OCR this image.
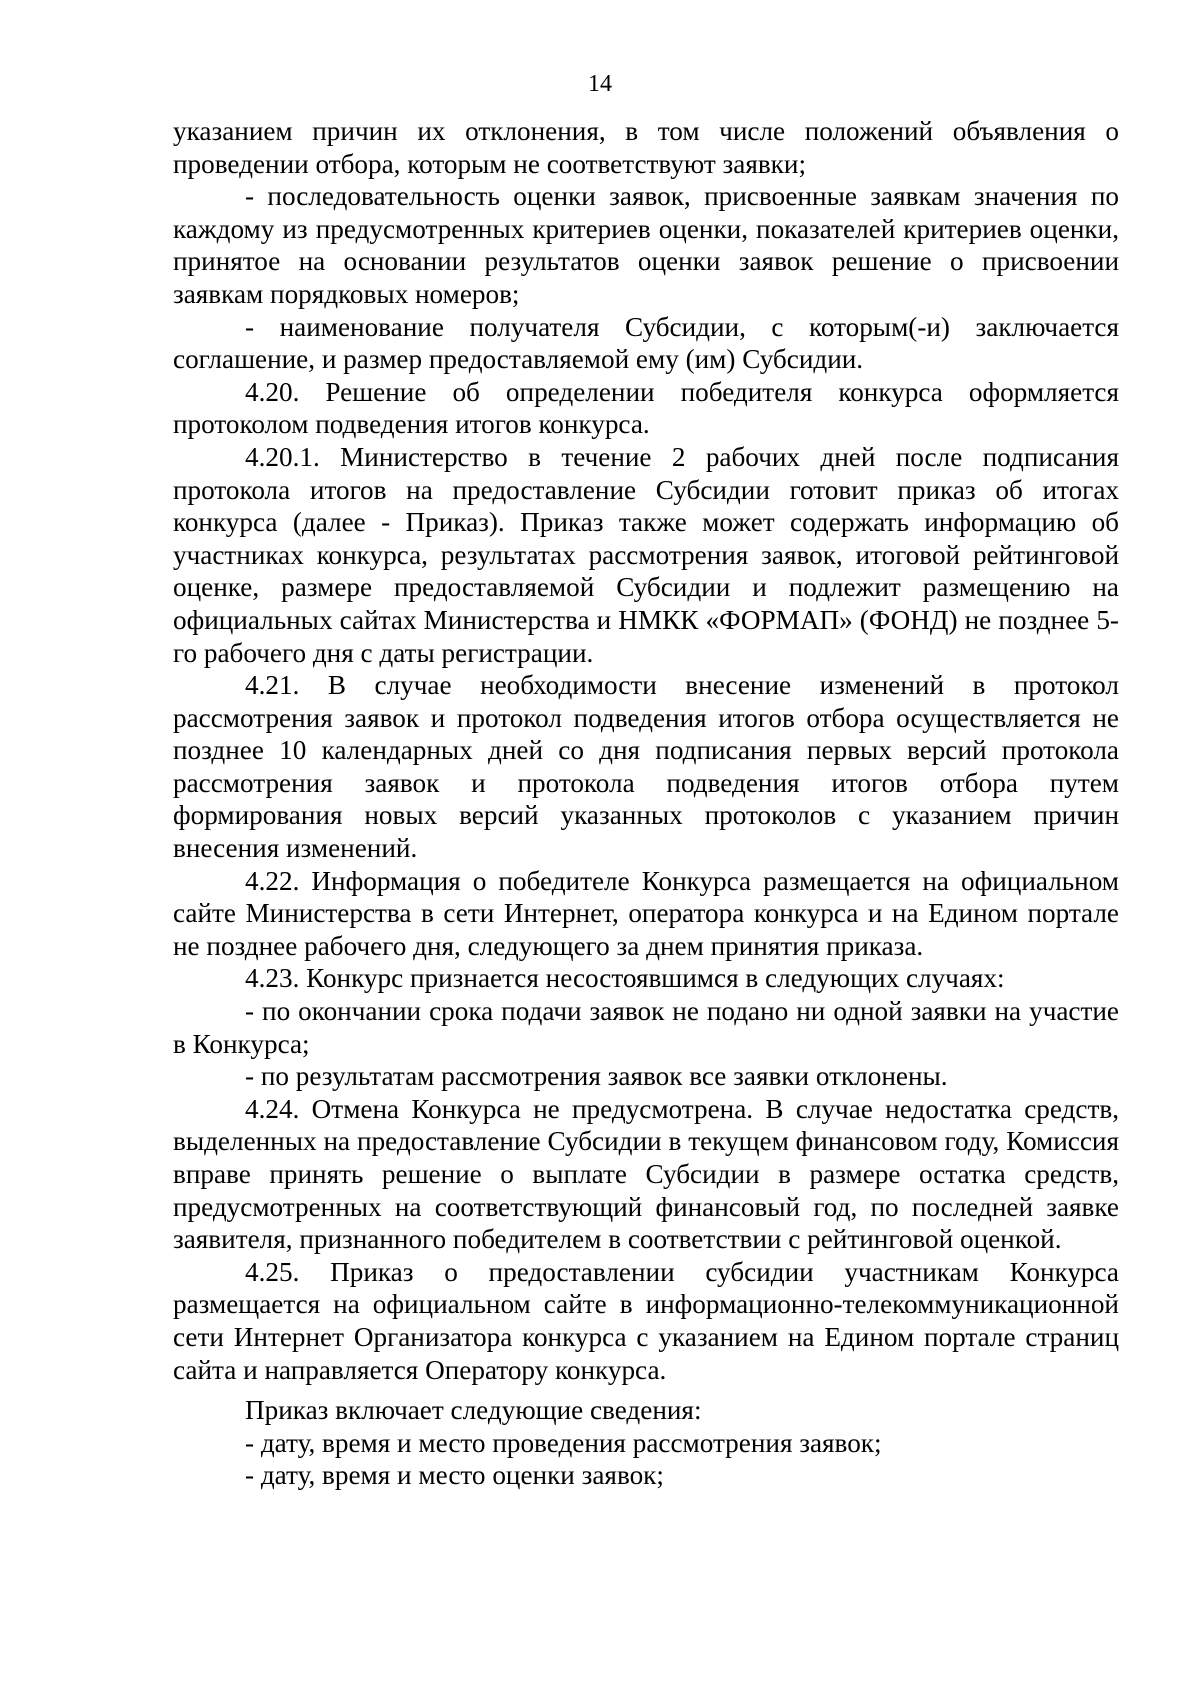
14

указанием причин их отклонения, в том числе положений объявления о проведении отбора, которым не соответствуют заявки;

- последовательность оценки заявок, присвоенные заявкам значения по каждому из предусмотренных критериев оценки, показателей критериев оценки, принятое на основании результатов оценки заявок решение о присвоении заявкам порядковых номеров;

- наименование получателя Субсидии, с которым(-и) заключается соглашение, и размер предоставляемой ему (им) Субсидии.

4.20. Решение об определении победителя конкурса оформляется протоколом подведения итогов конкурса.

4.20.1. Министерство в течение 2 рабочих дней после подписания протокола итогов на предоставление Субсидии готовит приказ об итогах конкурса (далее - Приказ). Приказ также может содержать информацию об участниках конкурса, результатах рассмотрения заявок, итоговой рейтинговой оценке, размере предоставляемой Субсидии и подлежит размещению на официальных сайтах Министерства и НМКК «ФОРМАП» (ФОНД) не позднее 5-го рабочего дня с даты регистрации.

4.21. В случае необходимости внесение изменений в протокол рассмотрения заявок и протокол подведения итогов отбора осуществляется не позднее 10 календарных дней со дня подписания первых версий протокола рассмотрения заявок и протокола подведения итогов отбора путем формирования новых версий указанных протоколов с указанием причин внесения изменений.

4.22. Информация о победителе Конкурса размещается на официальном сайте Министерства в сети Интернет, оператора конкурса и на Едином портале не позднее рабочего дня, следующего за днем принятия приказа.

4.23. Конкурс признается несостоявшимся в следующих случаях:

- по окончании срока подачи заявок не подано ни одной заявки на участие в Конкурса;

- по результатам рассмотрения заявок все заявки отклонены.

4.24. Отмена Конкурса не предусмотрена. В случае недостатка средств, выделенных на предоставление Субсидии в текущем финансовом году, Комиссия вправе принять решение о выплате Субсидии в размере остатка средств, предусмотренных на соответствующий финансовый год, по последней заявке заявителя, признанного победителем в соответствии с рейтинговой оценкой.

4.25. Приказ о предоставлении субсидии участникам Конкурса размещается на официальном сайте в информационно-телекоммуникационной сети Интернет Организатора конкурса с указанием на Едином портале страниц сайта и направляется Оператору конкурса.

Приказ включает следующие сведения:

- дату, время и место проведения рассмотрения заявок;

- дату, время и место оценки заявок;
